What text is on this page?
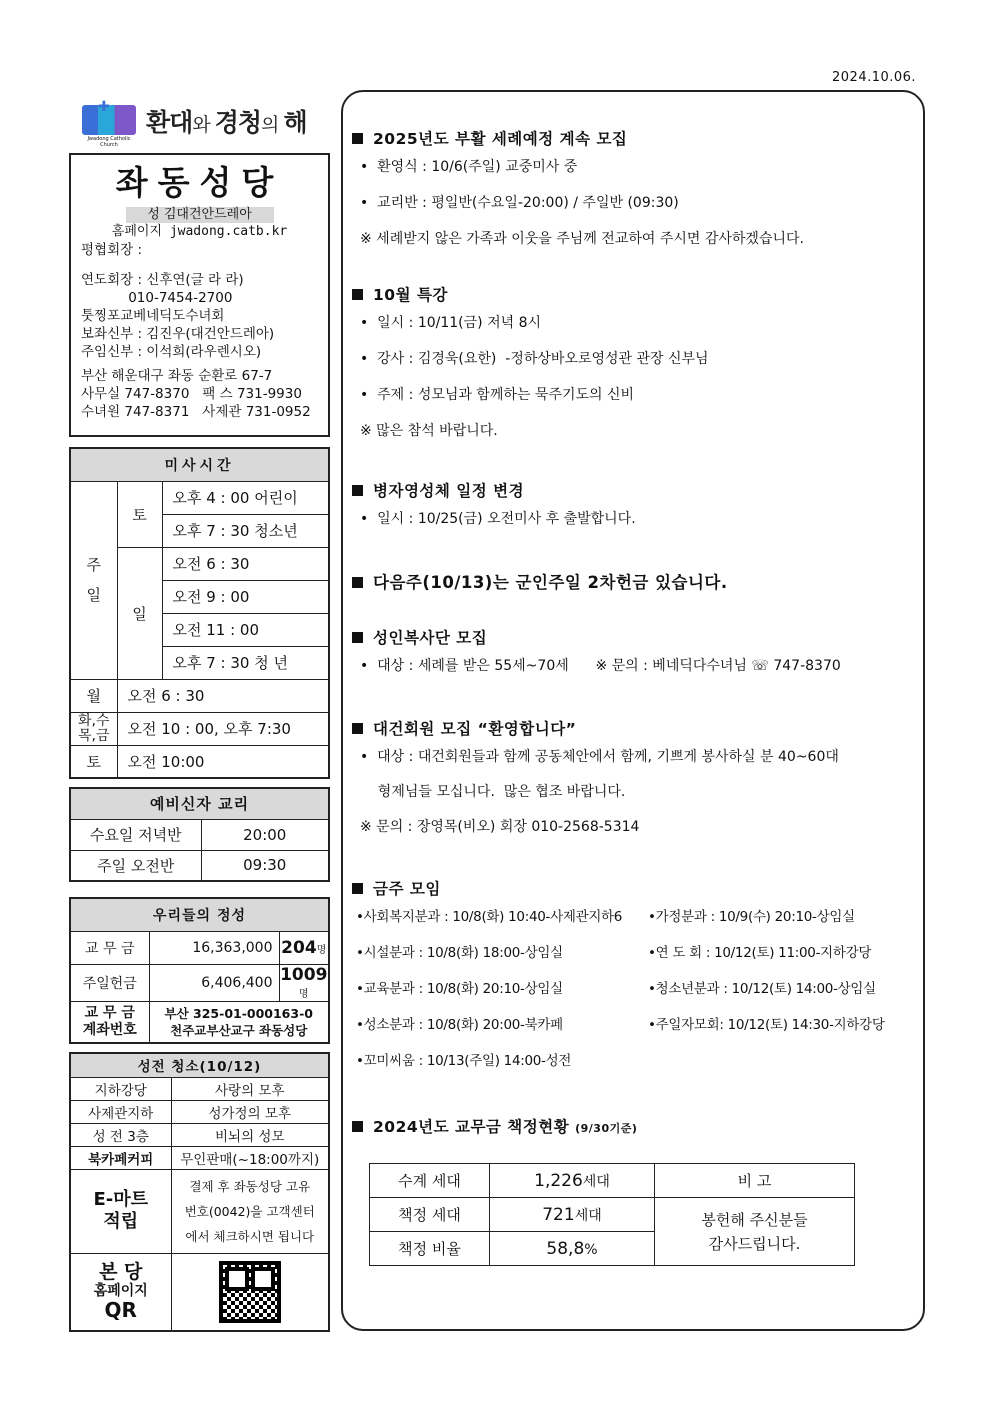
2024.10.06.
✚
Jwadong Catholic Church
환대와 경청의 해
좌동성당
성 김대건안드레아
홈페이지 jwadong.catb.kr
평협회장 :
연도회장 : 신후연(글 라 라)
010-7454-2700
툿찡포교베네딕도수녀회
보좌신부 : 김진우(대건안드레아)
주임신부 : 이석희(라우렌시오)
부산 해운대구 좌동 순환로 67-7
사무실 747-8370   팩 스 731-9930
수녀원 747-8371   사제관 731-0952
미사시간		
주
일	토	오후 4 : 00 어린이
		오후 7 : 30 청소년
	일	오전 6 : 30
		오전 9 : 00
		오전 11 : 00
		오후 7 : 30 청 년
월	오전 6 : 30	
화,수
목,금	오전 10 : 00, 오후 7:30	
토	오전 10:00	
예비신자 교리	
수요일 저녁반	20:00
주일 오전반	09:30
우리들의 정성		
교 무 금	16,363,000	204명
주일헌금	6,406,400	1009명
교 무 금
계좌번호	부산 325-01-000163-0
천주교부산교구 좌동성당	
성전 청소(10/12)	
지하강당	사랑의 모후
사제관지하	성가정의 모후
성 전 3층	비뇌의 성모
북카페커피	무인판매(~18:00까지)
E-마트
적립	결제 후 좌동성당 고유
번호(0042)을 고객센터
에서 체크하시면 됩니다

본 당
홈페이지
QR	

2025년도 부활 세례예정 계속 모집
•  환영식 : 10/6(주일) 교중미사 중
•  교리반 : 평일반(수요일-20:00) / 주일반 (09:30)
※ 세례받지 않은 가족과 이웃을 주님께 전교하여 주시면 감사하겠습니다.
10월 특강
•  일시 : 10/11(금) 저녁 8시
•  강사 : 김경욱(요한)  -정하상바오로영성관 관장 신부님
•  주제 : 성모님과 함께하는 묵주기도의 신비
※ 많은 참석 바랍니다.
병자영성체 일정 변경
•  일시 : 10/25(금) 오전미사 후 출발합니다.
다음주(10/13)는 군인주일 2차헌금 있습니다.
성인복사단 모집
•  대상 : 세례를 받은 55세~70세      ※ 문의 : 베네딕다수녀님 ☏ 747-8370
대건회원 모집 “환영합니다”
•  대상 : 대건회원들과 함께 공동체안에서 함께, 기쁘게 봉사하실 분 40~60대
형제님들 모십니다.  많은 협조 바랍니다.
※ 문의 : 장영목(비오) 회장 010-2568-5314
금주 모임
•사회복지분과 : 10/8(화) 10:40-사제관지하6
•시설분과 : 10/8(화) 18:00-상임실
•교육분과 : 10/8(화) 20:10-상임실
•성소분과 : 10/8(화) 20:00-북카페
•꼬미씨움 : 10/13(주일) 14:00-성전
•가정분과 : 10/9(수) 20:10-상임실
•연 도 회 : 10/12(토) 11:00-지하강당
•청소년분과 : 10/12(토) 14:00-상임실
•주일자모회: 10/12(토) 14:30-지하강당
2024년도 교무금 책정현황 (9/30기준)
수계 세대	1,226세대	비 고
책정 세대	721세대	봉헌해 주신분들
감사드립니다.
책정 비율	58,8%	
